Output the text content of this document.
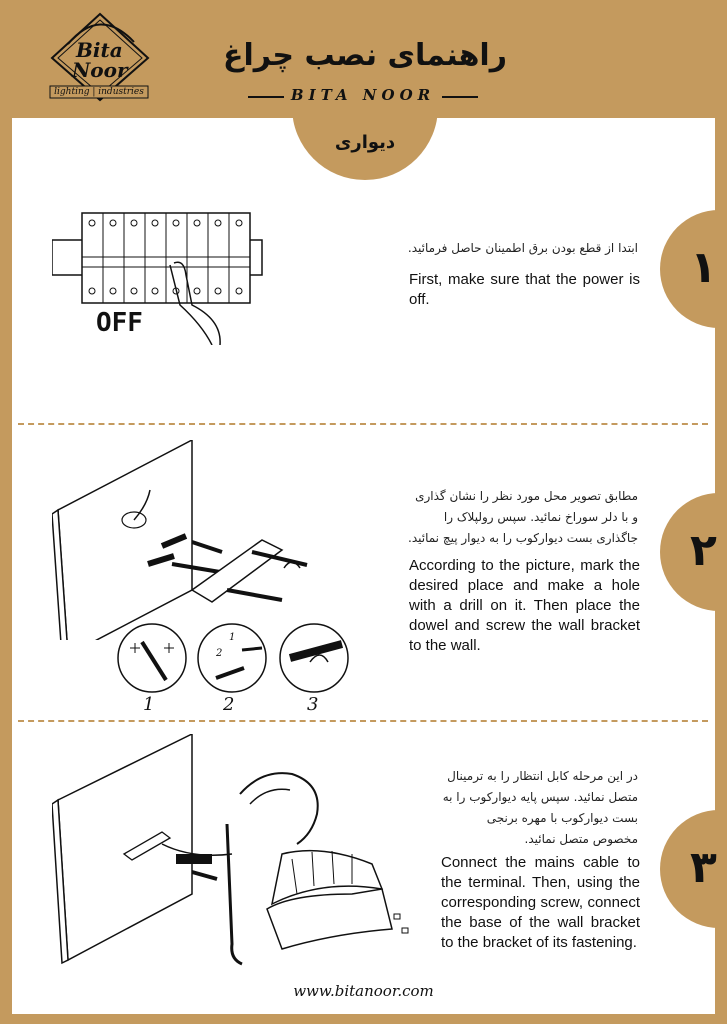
Bita
Noor
lighting | industries
راهنمای نصب چراغ
BITA NOOR
دیواری
۱
OFF
ابتدا از قطع بودن برق اطمینان حاصل فرمائید.
First, make sure that the power is off.
۲
1
2
1	2	3
مطابق تصویر محل مورد نظر را نشان گذاری و با دلر سوراخ نمائید. سپس رولپلاک را جاگذاری بست دیوارکوب را به دیوار پیچ نمائید.
According to the picture, mark the desired place and make a hole with a drill on it. Then place the dowel and screw the wall bracket to the wall.
۳
در این مرحله کابل انتظار را به ترمینال متصل نمائید. سپس پایه دیوارکوب را به بست دیوارکوب با مهره برنجی مخصوص متصل نمائید.
Connect the mains cable to the terminal. Then, using the corresponding screw, connect the base of the wall bracket to the bracket of its fastening.
www.bitanoor.com
